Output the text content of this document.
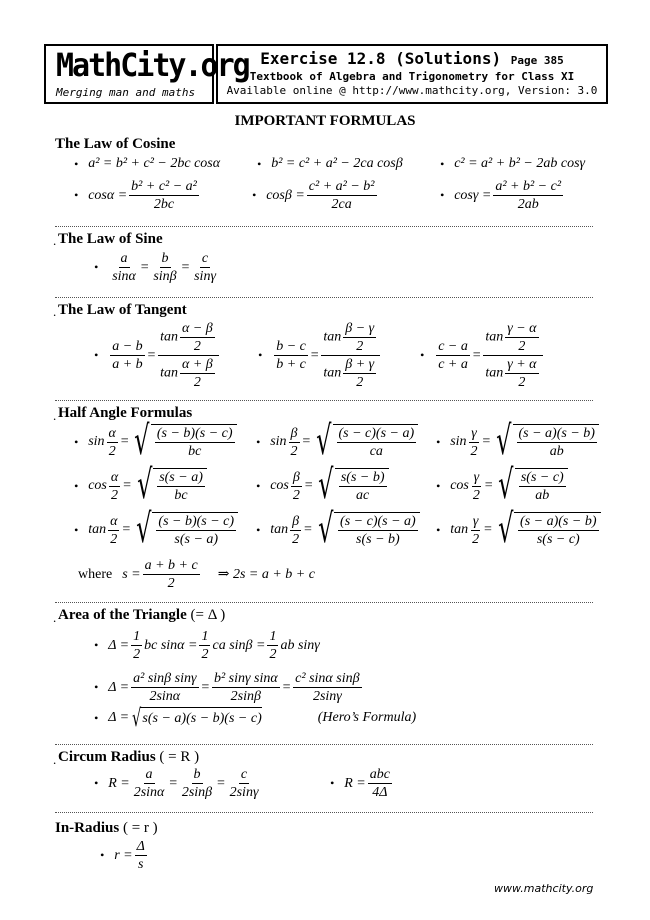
MathCity.org
Merging man and maths
Exercise 12.8 (Solutions) Page 385
Textbook of Algebra and Trigonometry for Class XI
Available online @ http://www.mathcity.org, Version: 3.0
IMPORTANT FORMULAS
The Law of Cosine
• a² = b² + c² − 2bc cosα	• b² = c² + a² − 2ca cosβ	• c² = a² + b² − 2ab cosγ
• $\cos\alpha = \frac{\text{b² + c² − a²}}{2bc}$	• $\cos\beta = \frac{\text{c² + a² − b²}}{2ca}$	• $\cos\gamma = \frac{\text{a² + b² − c²}}{2ab}$
. The Law of Sine
• $\frac{a}{\sin\alpha} = \frac{b}{\sin\beta} = \frac{c}{\sin\gamma}$
. The Law of Tangent
• $\frac{a - b}{a + b} = \frac{\tan \frac{\alpha - \beta}{2}}{\tan \frac{\alpha + \beta}{2}}$	• $\frac{b - c}{b + c} = \frac{\tan \frac{\beta - \gamma}{2}}{\tan \frac{\beta + \gamma}{2}}$	• $\frac{c - a}{c + a} = \frac{\tan \frac{\gamma - \alpha}{2}}{\tan \frac{\gamma + \alpha}{2}}$
. Half Angle Formulas
• $\sin \frac{\alpha}{2}$ = √ $\frac{(s - b)(s - c)}{bc}$ • $\sin \frac{\beta}{2}$ = √ $\frac{(s - c)(s - a)}{ca}$ • $\sin \frac{\gamma}{2}$ = √ $\frac{(s - a)(s - b)}{ab}$
• $\cos \frac{\alpha}{2}$ = √ $\frac{s(s - a)}{bc}$	• $\cos \frac{\beta}{2}$ = √ $\frac{s(s - b)}{ac}$	• $\cos \frac{\gamma}{2}$ = √ $\frac{s(s - c)}{ab}$
• $\tan \frac{\alpha}{2}$ = √ $\frac{(s - b)(s - c)}{s(s - a)}$ • $\tan \frac{\beta}{2}$ = √ $\frac{(s - c)(s - a)}{s(s - b)}$ • $\tan \frac{\gamma}{2}$ = √ $\frac{(s - a)(s - b)}{s(s - c)}$
where $s = \frac{a + b + c}{2}$ ⇒ 2s = a + b + c
. Area of the Triangle (= Δ )
• $\Delta = \frac{1}{2}$ bc $\sin\alpha = \frac{1}{2}$ ca $\sin\beta = \frac{1}{2}$ ab sinγ
• $\Delta = \frac{\text{a² sinβ sinγ}}{2\sin\alpha} = \frac{\text{b² sinγ sinα}}{2\sin\beta} = \frac{\text{c² sinα sinβ}}{2\sin\gamma}$
• Δ = √ s(s − a)(s − b)(s − c)	(Hero’s Formula)
. Circum Radius ( = R )
• $R = \frac{a}{2\sin\alpha} = \frac{b}{2\sin\beta} = \frac{c}{2\sin\gamma}$	• $R = \frac{\text{abc}}{4\Delta}$
In-Radius ( = r )
• $r = \frac{\Delta}{s}$
www.mathcity.org
